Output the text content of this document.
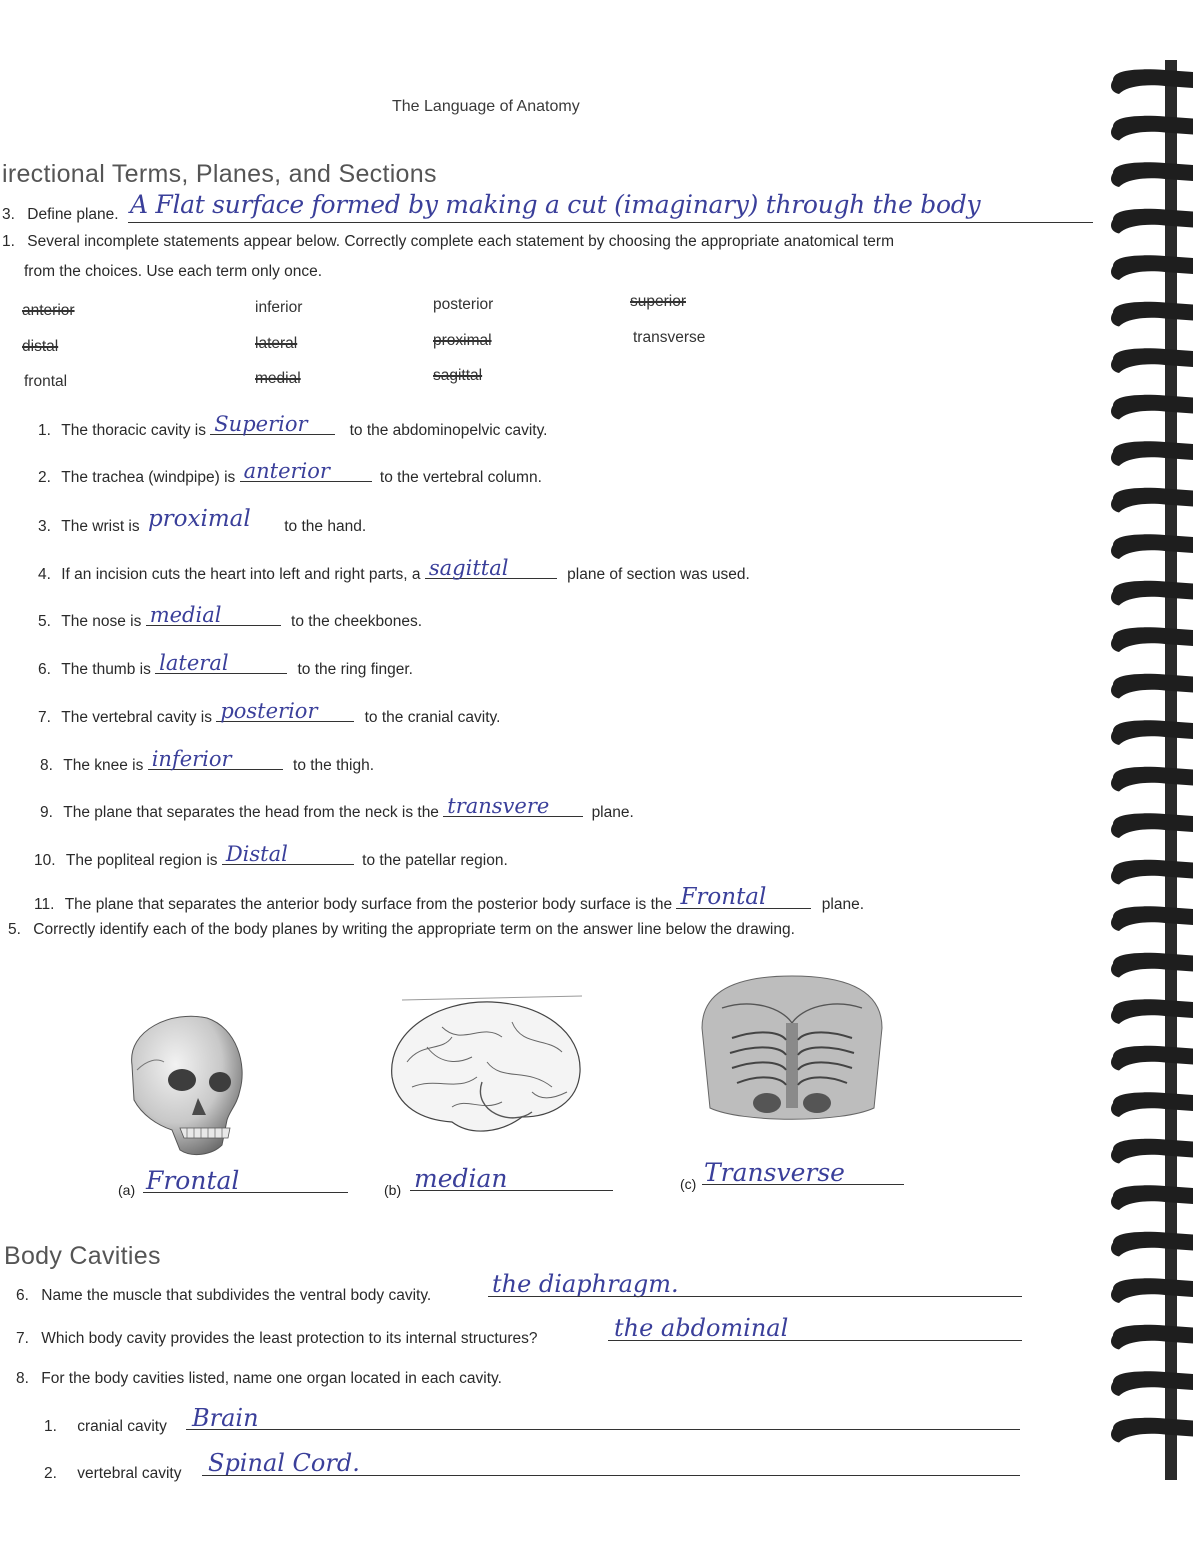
The Language of Anatomy
irectional Terms, Planes, and Sections
3. Define plane. A Flat surface formed by making a cut (imaginary) through the body
1. Several incomplete statements appear below. Correctly complete each statement by choosing the appropriate anatomical term
from the choices. Use each term only once.
anterior	inferior	posterior	superior
distal	lateral	proximal	transverse
frontal	medial	sagittal
1. The thoracic cavity is Superior	to the abdominopelvic cavity.
2. The trachea (windpipe) is anterior	to the vertebral column.
3. The wrist is proximal to the hand.
4. If an incision cuts the heart into left and right parts, a sagittal	plane of section was used.
5. The nose is medial	to the cheekbones.
6. The thumb is lateral	to the ring finger.
7. The vertebral cavity is posterior	to the cranial cavity.
8. The knee is inferior	to the thigh.
9. The plane that separates the head from the neck is the transvere	plane.
10. The popliteal region is Distal	to the patellar region.
11. The plane that separates the anterior body surface from the posterior body surface is the Frontal	plane.
5. Correctly identify each of the body planes by writing the appropriate term on the answer line below the drawing.
(a) Frontal	(b) median	(c) Transverse
Body Cavities
6. Name the muscle that subdivides the ventral body cavity.	the diaphragm.
7. Which body cavity provides the least protection to its internal structures?	the abdominal
8. For the body cavities listed, name one organ located in each cavity.
1. cranial cavity Brain
2. vertebral cavity Spinal Cord.
